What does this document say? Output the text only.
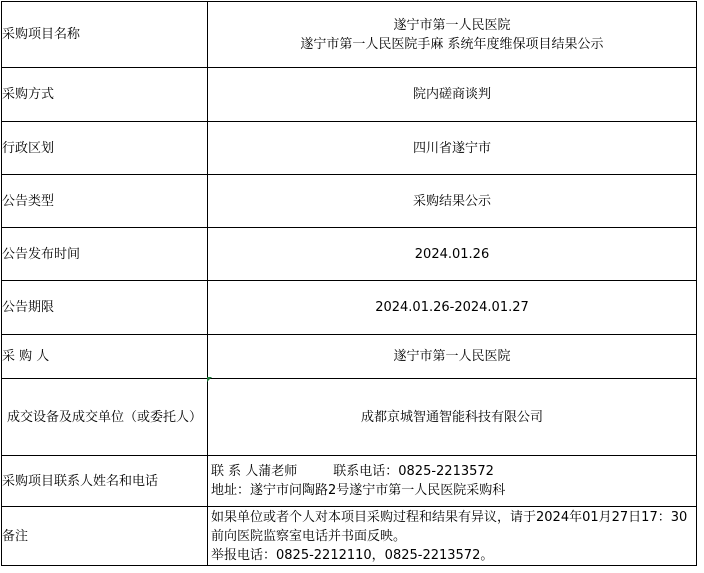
采购项目名称	遂宁市第一人民医院
遂宁市第一人民医院手麻 系统年度维保项目结果公示

采购方式	院内磋商谈判
行政区划	四川省遂宁市
公告类型	采购结果公示
公告发布时间	2024.01.26
公告期限	2024.01.26-2024.01.27
采 购 人	遂宁市第一人民医院
成交设备及成交单位（或委托人）	成都京城智通智能科技有限公司
采购项目联系人姓名和电话	联 系 人蒲老师 联系电话：0825-2213572
地址：遂宁市问陶路2号遂宁市第一人民医院采购科

备注	如果单位或者个人对本项目采购过程和结果有异议，请于2024年01月27日17：30前向医院监察室电话并书面反映。
举报电话：0825-2212110，0825-2213572。
